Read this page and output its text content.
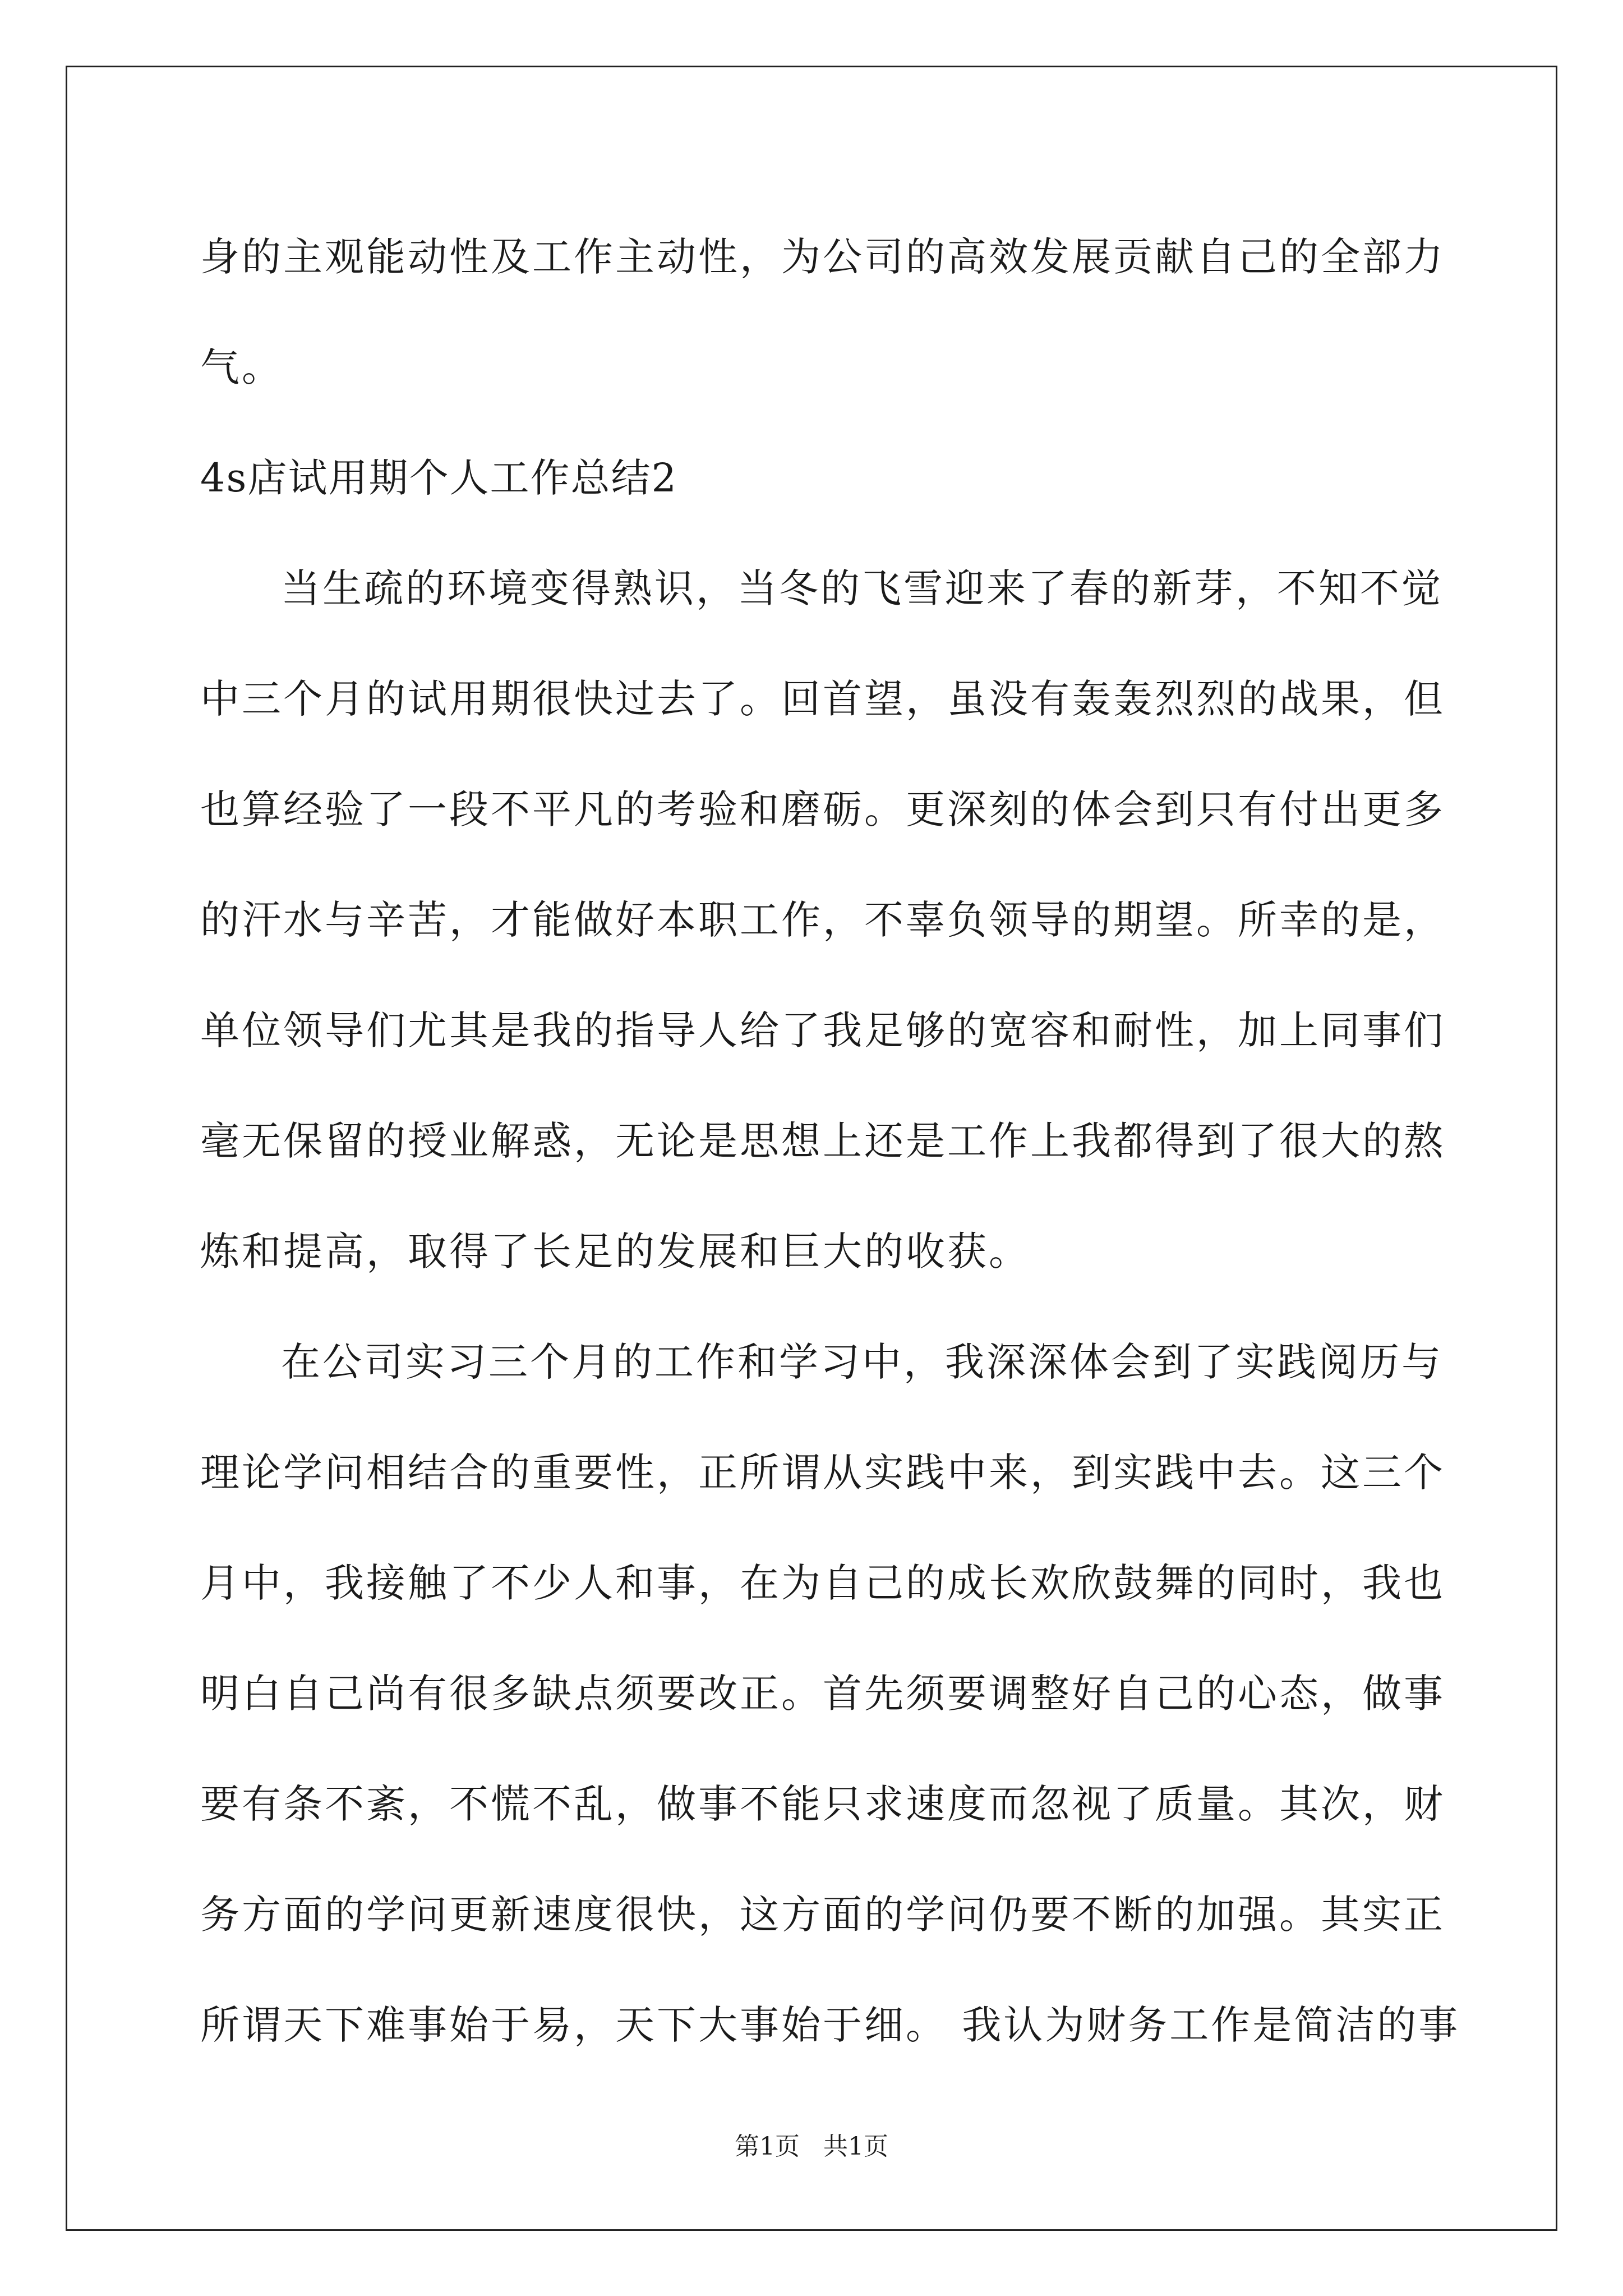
身的主观能动性及工作主动性，为公司的高效发展贡献自己的全部力
气。
4s店试用期个人工作总结2
当生疏的环境变得熟识，当冬的飞雪迎来了春的新芽，不知不觉
中三个月的试用期很快过去了。回首望，虽没有轰轰烈烈的战果，但
也算经验了一段不平凡的考验和磨砺。更深刻的体会到只有付出更多
的汗水与辛苦，才能做好本职工作，不辜负领导的期望。所幸的是，
单位领导们尤其是我的指导人给了我足够的宽容和耐性，加上同事们
毫无保留的授业解惑，无论是思想上还是工作上我都得到了很大的熬
炼和提高，取得了长足的发展和巨大的收获。
在公司实习三个月的工作和学习中，我深深体会到了实践阅历与
理论学问相结合的重要性，正所谓从实践中来，到实践中去。这三个
月中，我接触了不少人和事，在为自己的成长欢欣鼓舞的同时，我也
明白自己尚有很多缺点须要改正。首先须要调整好自己的心态，做事
要有条不紊，不慌不乱，做事不能只求速度而忽视了质量。其次，财
务方面的学问更新速度很快，这方面的学问仍要不断的加强。其实正
所谓天下难事始于易，天下大事始于细。 我认为财务工作是简洁的事
第1页   共1页
